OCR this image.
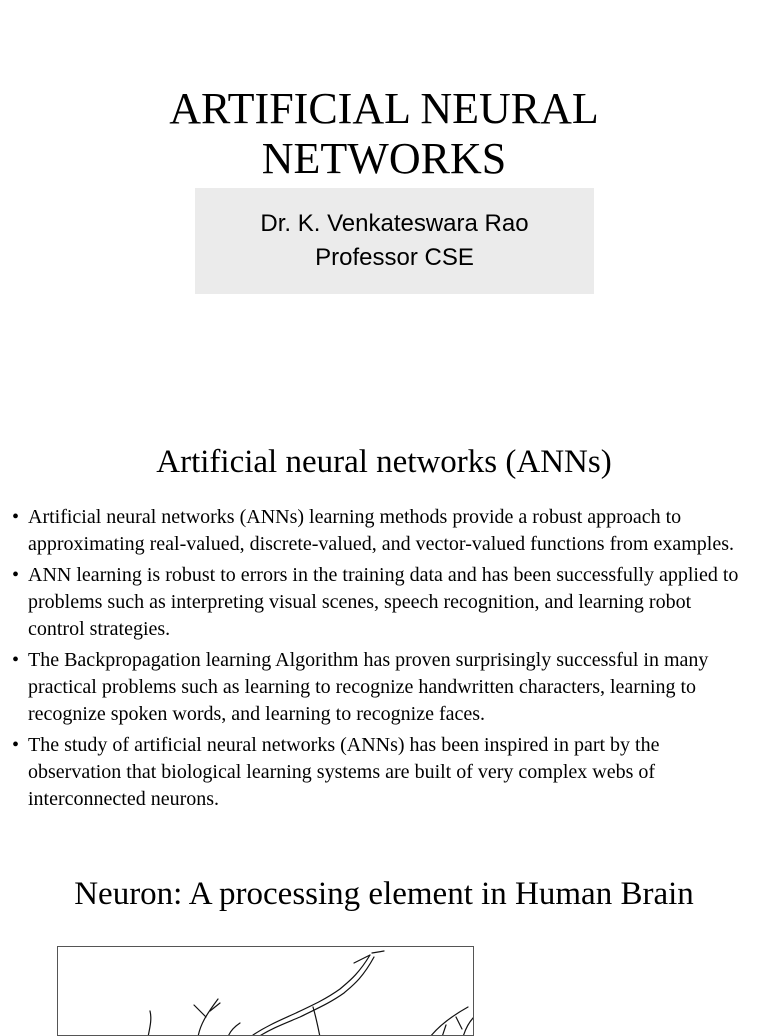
ARTIFICIAL NEURAL
NETWORKS
Dr. K. Venkateswara Rao
Professor CSE
Artificial neural networks (ANNs)
• Artificial neural networks (ANNs) learning methods provide a robust approach to approximating real-valued, discrete-valued, and vector-valued functions from examples.
• ANN learning is robust to errors in the training data and has been successfully applied to problems such as interpreting visual scenes, speech recognition, and learning robot control strategies.
• The Backpropagation learning Algorithm has proven surprisingly successful in many practical problems such as learning to recognize handwritten characters, learning to recognize spoken words, and learning to recognize faces.
• The study of artificial neural networks (ANNs) has been inspired in part by the observation that biological learning systems are built of very complex webs of interconnected neurons.
Neuron: A processing element in Human Brain
